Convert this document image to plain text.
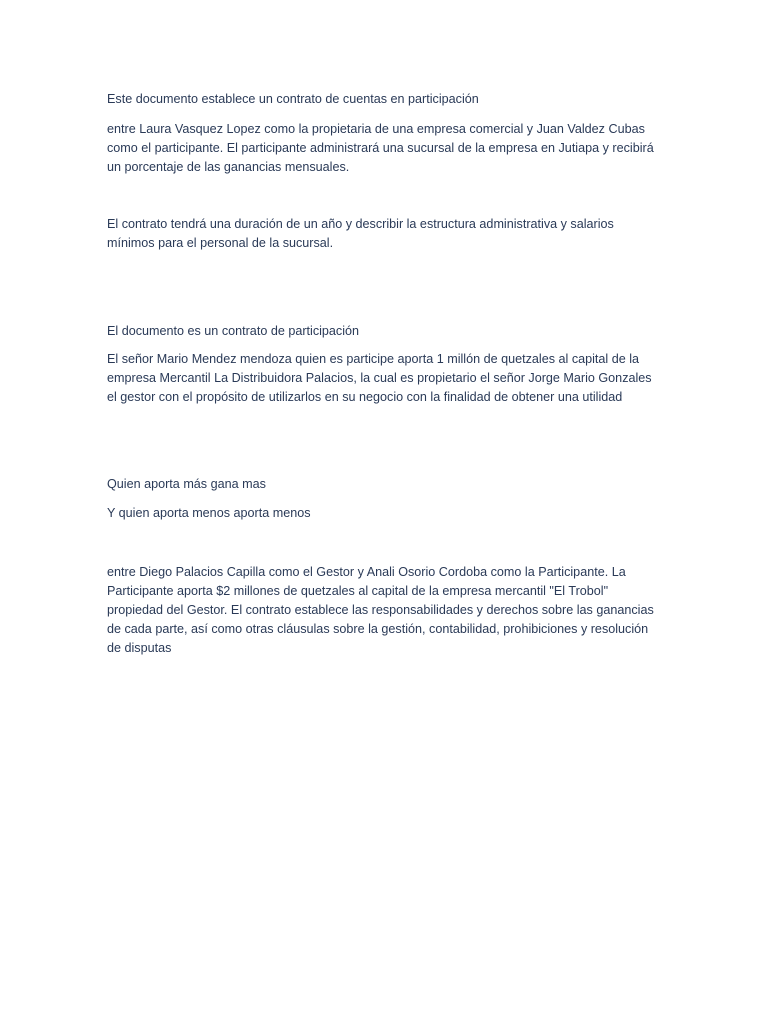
Este documento establece un contrato de cuentas en participación

entre Laura Vasquez Lopez como la propietaria de una empresa comercial y Juan Valdez Cubas
como el participante. El participante administrará una sucursal de la empresa en Jutiapa y recibirá
un porcentaje de las ganancias mensuales.

El contrato tendrá una duración de un año y describir la estructura administrativa y salarios
mínimos para el personal de la sucursal.

El documento es un contrato de participación

El señor Mario Mendez mendoza quien es participe aporta 1 millón de quetzales al capital de la
empresa Mercantil La Distribuidora Palacios, la cual es propietario el señor Jorge Mario Gonzales
el gestor con el propósito de utilizarlos en su negocio con la finalidad de obtener una utilidad

Quien aporta más gana mas

Y quien aporta menos aporta menos

entre Diego Palacios Capilla como el Gestor y Anali Osorio Cordoba como la Participante. La
Participante aporta $2 millones de quetzales al capital de la empresa mercantil "El Trobol"
propiedad del Gestor. El contrato establece las responsabilidades y derechos sobre las ganancias
de cada parte, así como otras cláusulas sobre la gestión, contabilidad, prohibiciones y resolución
de disputas
